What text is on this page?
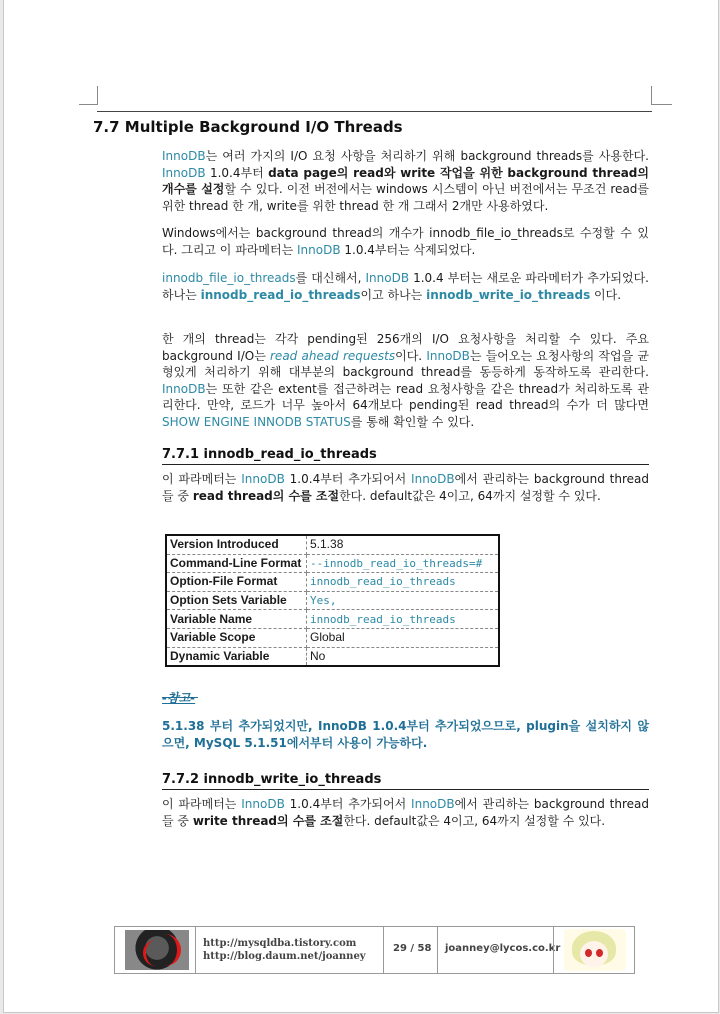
7.7 Multiple Background I/O Threads

InnoDB는 여러 가지의 I/O 요청 사항을 처리하기 위해 background threads를 사용한다. InnoDB 1.0.4부터 data page의 read와 write 작업을 위한 background thread의 개수를 설정할 수 있다. 이전 버전에서는 windows 시스템이 아닌 버전에서는 무조건 read를 위한 thread 한 개, write를 위한 thread 한 개 그래서 2개만 사용하였다.

Windows에서는 background thread의 개수가 innodb_file_io_threads로 수정할 수 있다. 그리고 이 파라메터는 InnoDB 1.0.4부터는 삭제되었다.

innodb_file_io_threads를 대신해서, InnoDB 1.0.4 부터는 새로운 파라메터가 추가되었다. 하나는 innodb_read_io_threads이고 하나는 innodb_write_io_threads 이다.

한 개의 thread는 각각 pending된 256개의 I/O 요청사항을 처리할 수 있다. 주요 background I/O는 read ahead requests이다. InnoDB는 들어오는 요청사항의 작업을 균형있게 처리하기 위해 대부분의 background thread를 동등하게 동작하도록 관리한다. InnoDB는 또한 같은 extent를 접근하려는 read 요청사항을 같은 thread가 처리하도록 관리한다. 만약, 로드가 너무 높아서 64개보다 pending된 read thread의 수가 더 많다면 SHOW ENGINE INNODB STATUS를 통해 확인할 수 있다.

7.7.1 innodb_read_io_threads

이 파라메터는 InnoDB 1.0.4부터 추가되어서 InnoDB에서 관리하는 background thread들 중 read thread의 수를 조절한다. default값은 4이고, 64까지 설정할 수 있다.

Version Introduced	5.1.38
Command-Line Format	--innodb_read_io_threads=#
Option-File Format	innodb_read_io_threads
Option Sets Variable	Yes,
Variable Name	innodb_read_io_threads
Variable Scope	Global
Dynamic Variable	No
-참고-

5.1.38 부터 추가되었지만, InnoDB 1.0.4부터 추가되었으므로, plugin을 설치하지 않으면, MySQL 5.1.51에서부터 사용이 가능하다.

7.7.2 innodb_write_io_threads

이 파라메터는 InnoDB 1.0.4부터 추가되어서 InnoDB에서 관리하는 background thread들 중 write thread의 수를 조절한다. default값은 4이고, 64까지 설정할 수 있다.

http://mysqldba.tistory.com
http://blog.daum.net/joanney
29 / 58 joanney@lycos.co.kr
